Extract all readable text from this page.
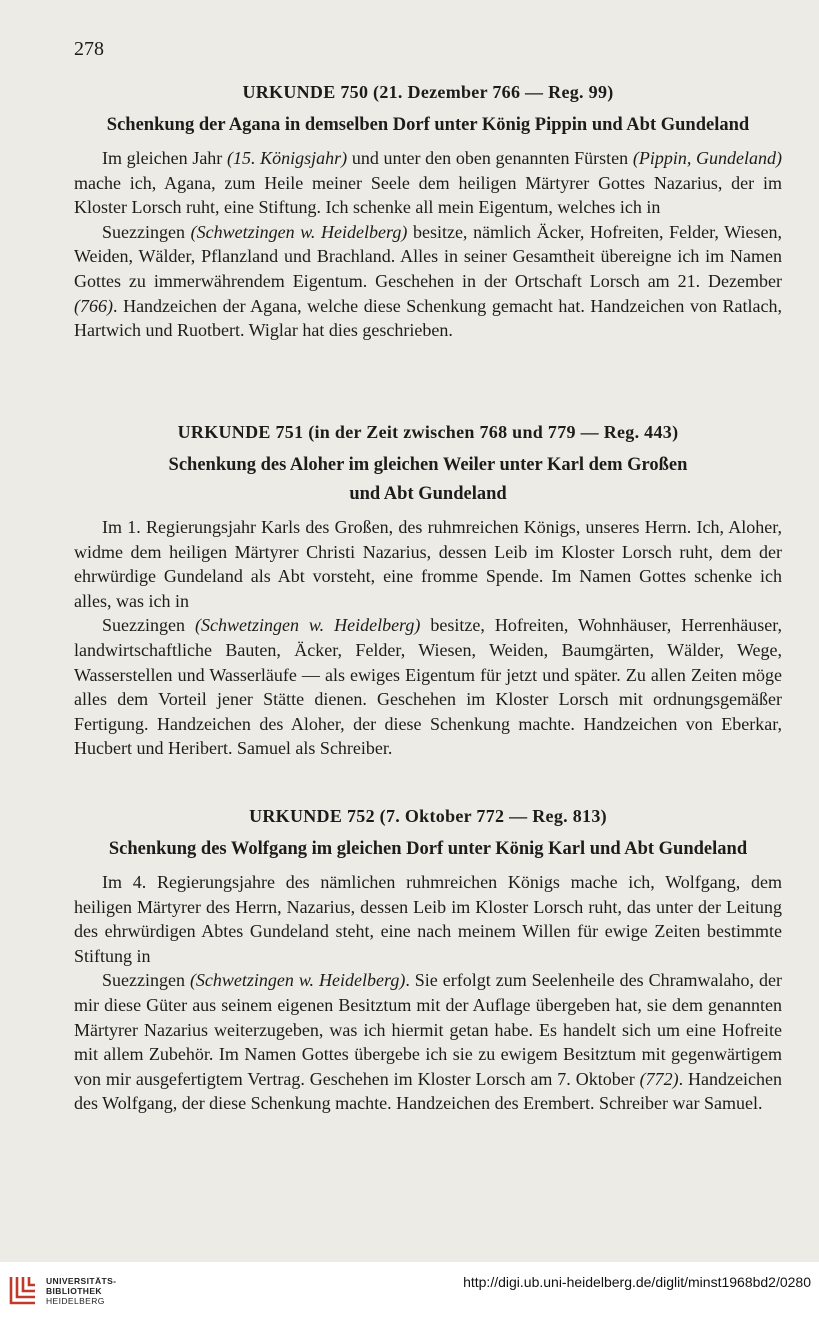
278
URKUNDE 750 (21. Dezember 766 — Reg. 99)
Schenkung der Agana in demselben Dorf unter König Pippin und Abt Gundeland

Im gleichen Jahr (15. Königsjahr) und unter den oben genannten Fürsten (Pippin, Gundeland) mache ich, Agana, zum Heile meiner Seele dem heiligen Märtyrer Gottes Nazarius, der im Kloster Lorsch ruht, eine Stiftung. Ich schenke all mein Eigentum, welches ich in

Suezzingen (Schwetzingen w. Heidelberg) besitze, nämlich Äcker, Hofreiten, Felder, Wiesen, Weiden, Wälder, Pflanzland und Brachland. Alles in seiner Gesamtheit übereigne ich im Namen Gottes zu immerwährendem Eigentum. Geschehen in der Ortschaft Lorsch am 21. Dezember (766). Handzeichen der Agana, welche diese Schenkung gemacht hat. Handzeichen von Ratlach, Hartwich und Ruotbert. Wiglar hat dies geschrieben.

URKUNDE 751 (in der Zeit zwischen 768 und 779 — Reg. 443)
Schenkung des Aloher im gleichen Weiler unter Karl dem Großen
und Abt Gundeland

Im 1. Regierungsjahr Karls des Großen, des ruhmreichen Königs, unseres Herrn. Ich, Aloher, widme dem heiligen Märtyrer Christi Nazarius, dessen Leib im Kloster Lorsch ruht, dem der ehrwürdige Gundeland als Abt vorsteht, eine fromme Spende. Im Namen Gottes schenke ich alles, was ich in

Suezzingen (Schwetzingen w. Heidelberg) besitze, Hofreiten, Wohnhäuser, Herrenhäuser, landwirtschaftliche Bauten, Äcker, Felder, Wiesen, Weiden, Baumgärten, Wälder, Wege, Wasserstellen und Wasserläufe — als ewiges Eigentum für jetzt und später. Zu allen Zeiten möge alles dem Vorteil jener Stätte dienen. Geschehen im Kloster Lorsch mit ordnungsgemäßer Fertigung. Handzeichen des Aloher, der diese Schenkung machte. Handzeichen von Eberkar, Hucbert und Heribert. Samuel als Schreiber.

URKUNDE 752 (7. Oktober 772 — Reg. 813)
Schenkung des Wolfgang im gleichen Dorf unter König Karl und Abt Gundeland

Im 4. Regierungsjahre des nämlichen ruhmreichen Königs mache ich, Wolfgang, dem heiligen Märtyrer des Herrn, Nazarius, dessen Leib im Kloster Lorsch ruht, das unter der Leitung des ehrwürdigen Abtes Gundeland steht, eine nach meinem Willen für ewige Zeiten bestimmte Stiftung in

Suezzingen (Schwetzingen w. Heidelberg). Sie erfolgt zum Seelenheile des Chramwalaho, der mir diese Güter aus seinem eigenen Besitztum mit der Auflage übergeben hat, sie dem genannten Märtyrer Nazarius weiterzugeben, was ich hiermit getan habe. Es handelt sich um eine Hofreite mit allem Zubehör. Im Namen Gottes übergebe ich sie zu ewigem Besitztum mit gegenwärtigem von mir ausgefertigtem Vertrag. Geschehen im Kloster Lorsch am 7. Oktober (772). Handzeichen des Wolfgang, der diese Schenkung machte. Handzeichen des Erembert. Schreiber war Samuel.

UNIVERSITÄTS-
BIBLIOTHEK
HEIDELBERG
http://digi.ub.uni-heidelberg.de/diglit/minst1968bd2/0280
